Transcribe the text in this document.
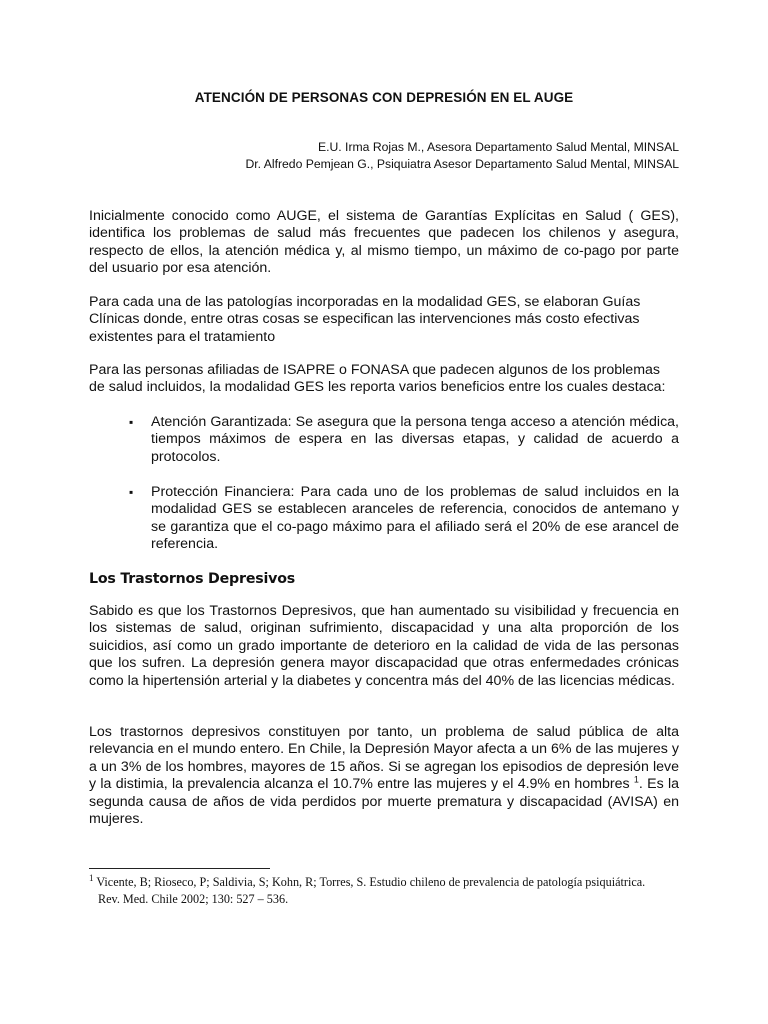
ATENCIÓN DE PERSONAS CON DEPRESIÓN EN EL AUGE
E.U. Irma Rojas M., Asesora Departamento Salud Mental, MINSAL
Dr. Alfredo Pemjean G., Psiquiatra Asesor Departamento Salud Mental, MINSAL

Inicialmente conocido como AUGE, el sistema de Garantías Explícitas en Salud ( GES), identifica los problemas de salud más frecuentes que padecen los chilenos y asegura, respecto de ellos, la atención médica y, al mismo tiempo, un máximo de co-pago por parte del usuario por esa atención.

Para cada una de las patologías incorporadas en la modalidad GES, se elaboran Guías Clínicas donde, entre otras cosas se especifican las intervenciones más costo efectivas existentes para el tratamiento

Para las personas afiliadas de ISAPRE o FONASA que padecen algunos de los problemas de salud incluidos, la modalidad GES les reporta varios beneficios entre los cuales destaca:

▪ Atención Garantizada: Se asegura que la persona tenga acceso a atención médica, tiempos máximos de espera en las diversas etapas, y calidad de acuerdo a protocolos.
▪ Protección Financiera: Para cada uno de los problemas de salud incluidos en la modalidad GES se establecen aranceles de referencia, conocidos de antemano y se garantiza que el co-pago máximo para el afiliado será el 20% de ese arancel de referencia.
Los Trastornos Depresivos

Sabido es que los Trastornos Depresivos, que han aumentado su visibilidad y frecuencia en los sistemas de salud, originan sufrimiento, discapacidad y una alta proporción de los suicidios, así como un grado importante de deterioro en la calidad de vida de las personas que los sufren. La depresión genera mayor discapacidad que otras enfermedades crónicas como la hipertensión arterial y la diabetes y concentra más del 40% de las licencias médicas.

Los trastornos depresivos constituyen por tanto, un problema de salud pública de alta relevancia en el mundo entero. En Chile, la Depresión Mayor afecta a un 6% de las mujeres y a un 3% de los hombres, mayores de 15 años. Si se agregan los episodios de depresión leve y la distimia, la prevalencia alcanza el 10.7% entre las mujeres y el 4.9% en hombres $^1$. Es la segunda causa de años de vida perdidos por muerte prematura y discapacidad (AVISA) en mujeres.

$^1$ Vicente, B; Rioseco, P; Saldivia, S; Kohn, R; Torres, S. Estudio chileno de prevalencia de patología psiquiátrica.
Rev. Med. Chile 2002; 130: 527 – 536.
